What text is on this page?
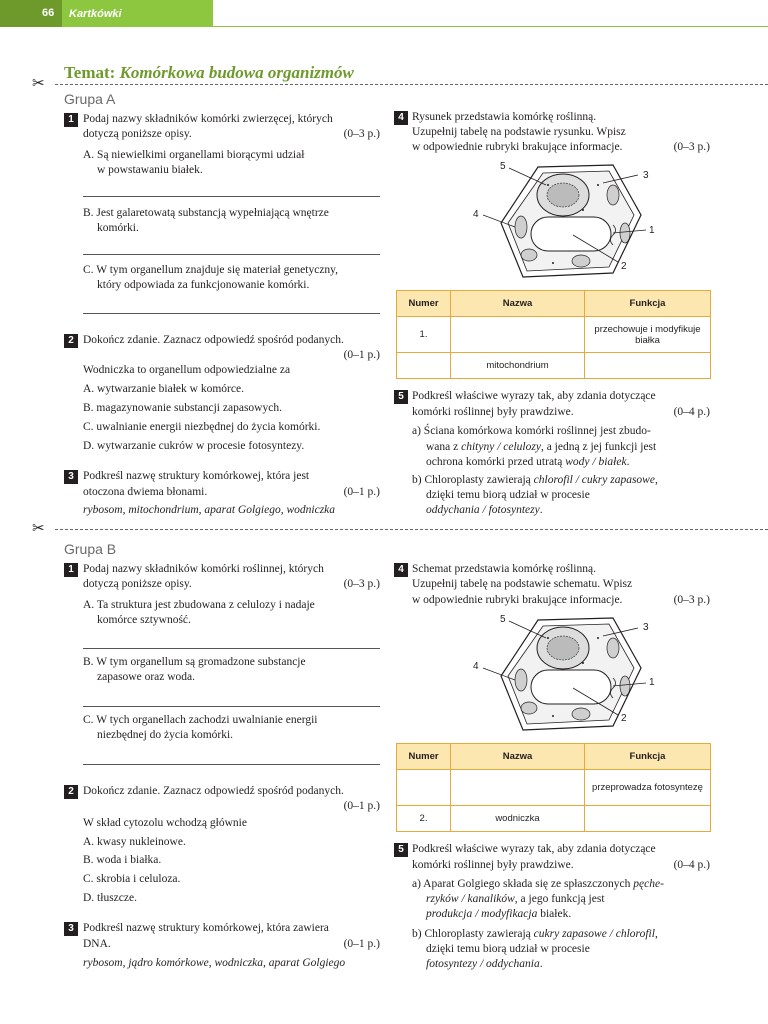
66 Kartkówki
Temat: Komórkowa budowa organizmów
✂
Grupa A
1 Podaj nazwy składników komórki zwierzęcej, których
dotyczą poniższe opisy.	(0–3 p.)
A. Są niewielkimi organellami biorącymi udział
w powstawaniu białek.
B. Jest galaretowatą substancją wypełniającą wnętrze
komórki.
C. W tym organellum znajduje się materiał genetyczny,
który odpowiada za funkcjonowanie komórki.
2 Dokończ zdanie. Zaznacz odpowiedź spośród podanych.
(0–1 p.)
Wodniczka to organellum odpowiedzialne za
A. wytwarzanie białek w komórce.
B. magazynowanie substancji zapasowych.
C. uwalnianie energii niezbędnej do życia komórki.
D. wytwarzanie cukrów w procesie fotosyntezy.
3 Podkreśl nazwę struktury komórkowej, która jest
otoczona dwiema błonami.	(0–1 p.)
rybosom, mitochondrium, aparat Golgiego, wodniczka
4 Rysunek przedstawia komórkę roślinną.
Uzupełnij tabelę na podstawie rysunku. Wpisz
w odpowiednie rubryki brakujące informacje.	(0–3 p.)
5
3
4
1
2
Numer	Nazwa	Funkcja
1.		przechowuje i modyfikuje białka
	mitochondrium	
5 Podkreśl właściwe wyrazy tak, aby zdania dotyczące
komórki roślinnej były prawdziwe.	(0–4 p.)
a) Ściana komórkowa komórki roślinnej jest zbudo-
wana z chityny / celulozy, a jedną z jej funkcji jest
ochrona komórki przed utratą wody / białek.
b) Chloroplasty zawierają chlorofil / cukry zapasowe,
dzięki temu biorą udział w procesie
oddychania / fotosyntezy.
✂
Grupa B
1 Podaj nazwy składników komórki roślinnej, których
dotyczą poniższe opisy.	(0–3 p.)
A. Ta struktura jest zbudowana z celulozy i nadaje
komórce sztywność.
B. W tym organellum są gromadzone substancje
zapasowe oraz woda.
C. W tych organellach zachodzi uwalnianie energii
niezbędnej do życia komórki.
2 Dokończ zdanie. Zaznacz odpowiedź spośród podanych.
(0–1 p.)
W skład cytozolu wchodzą głównie
A. kwasy nukleinowe.
B. woda i białka.
C. skrobia i celuloza.
D. tłuszcze.
3 Podkreśl nazwę struktury komórkowej, która zawiera
DNA.	(0–1 p.)
rybosom, jądro komórkowe, wodniczka, aparat Golgiego
4 Schemat przedstawia komórkę roślinną.
Uzupełnij tabelę na podstawie schematu. Wpisz
w odpowiednie rubryki brakujące informacje.	(0–3 p.)
5
3
4
1
2
Numer	Nazwa	Funkcja
		przeprowadza fotosyntezę
2.	wodniczka	
5 Podkreśl właściwe wyrazy tak, aby zdania dotyczące
komórki roślinnej były prawdziwe.	(0–4 p.)
a) Aparat Golgiego składa się ze spłaszczonych pęche-
rzyków / kanalików, a jego funkcją jest
produkcja / modyfikacja białek.
b) Chloroplasty zawierają cukry zapasowe / chlorofil,
dzięki temu biorą udział w procesie
fotosyntezy / oddychania.
